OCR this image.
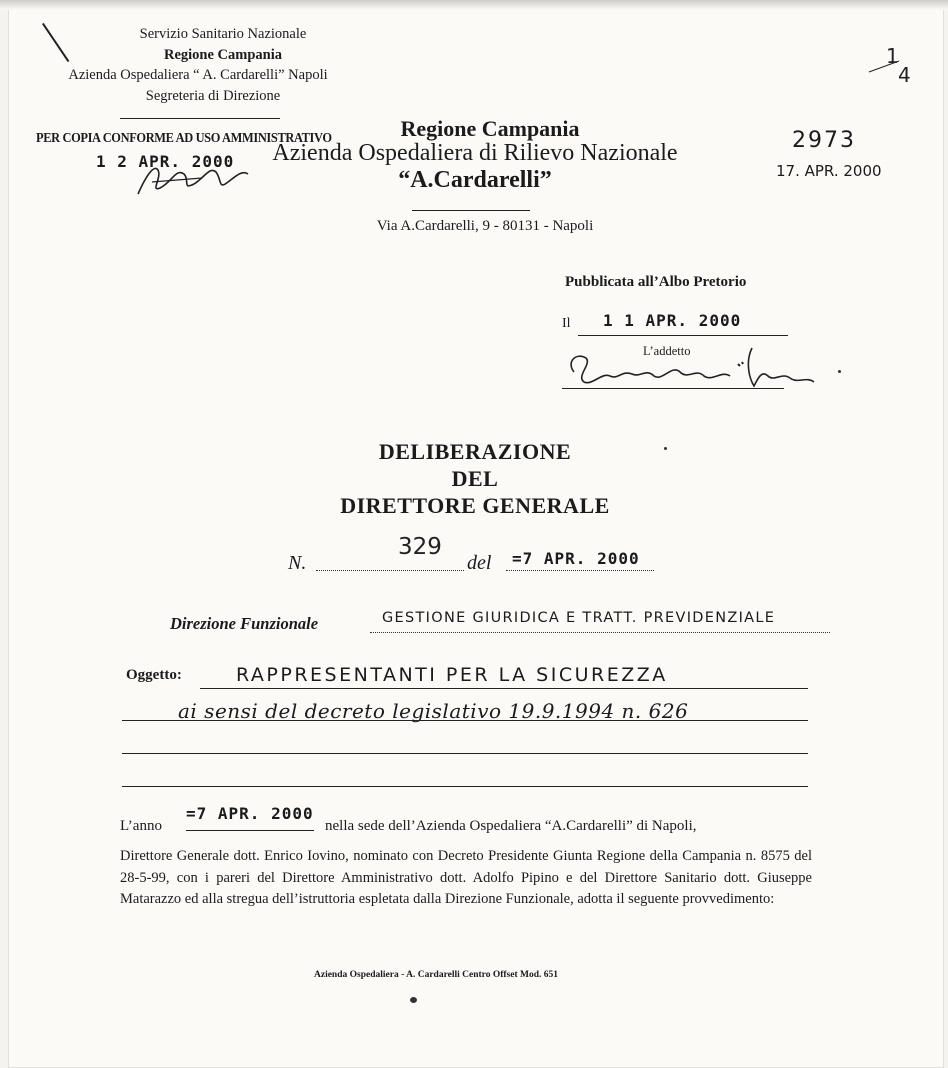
Servizio Sanitario Nazionale
Regione Campania
Azienda Ospedaliera “ A. Cardarelli” Napoli
Segreteria di Direzione
PER COPIA CONFORME AD USO AMMINISTRATIVO
1 2 APR. 2000
Regione Campania
Azienda Ospedaliera di Rilievo Nazionale
“A.Cardarelli”
Via A.Cardarelli, 9 - 80131 - Napoli
1
4
2973
17. APR. 2000
Pubblicata all’Albo Pretorio
Il 1 1 APR. 2000
L’addetto
DELIBERAZIONE
DEL
DIRETTORE GENERALE
N.
329
del =7 APR. 2000
Direzione Funzionale	GESTIONE GIURIDICA E TRATT. PREVIDENZIALE
Oggetto:	RAPPRESENTANTI PER LA SICUREZZA
ai sensi del decreto legislativo 19.9.1994 n. 626
L’anno
=7 APR. 2000
nella sede dell’Azienda Ospedaliera “A.Cardarelli” di Napoli,
Direttore Generale dott. Enrico Iovino, nominato con Decreto Presidente Giunta Regione della Campania n. 8575 del 28-5-99, con i pareri del Direttore Amministrativo dott. Adolfo Pipino e del Direttore Sanitario dott. Giuseppe Matarazzo ed alla stregua dell’istruttoria espletata dalla Direzione Funzionale, adotta il seguente provvedimento:
Azienda Ospedaliera - A. Cardarelli Centro Offset Mod. 651
